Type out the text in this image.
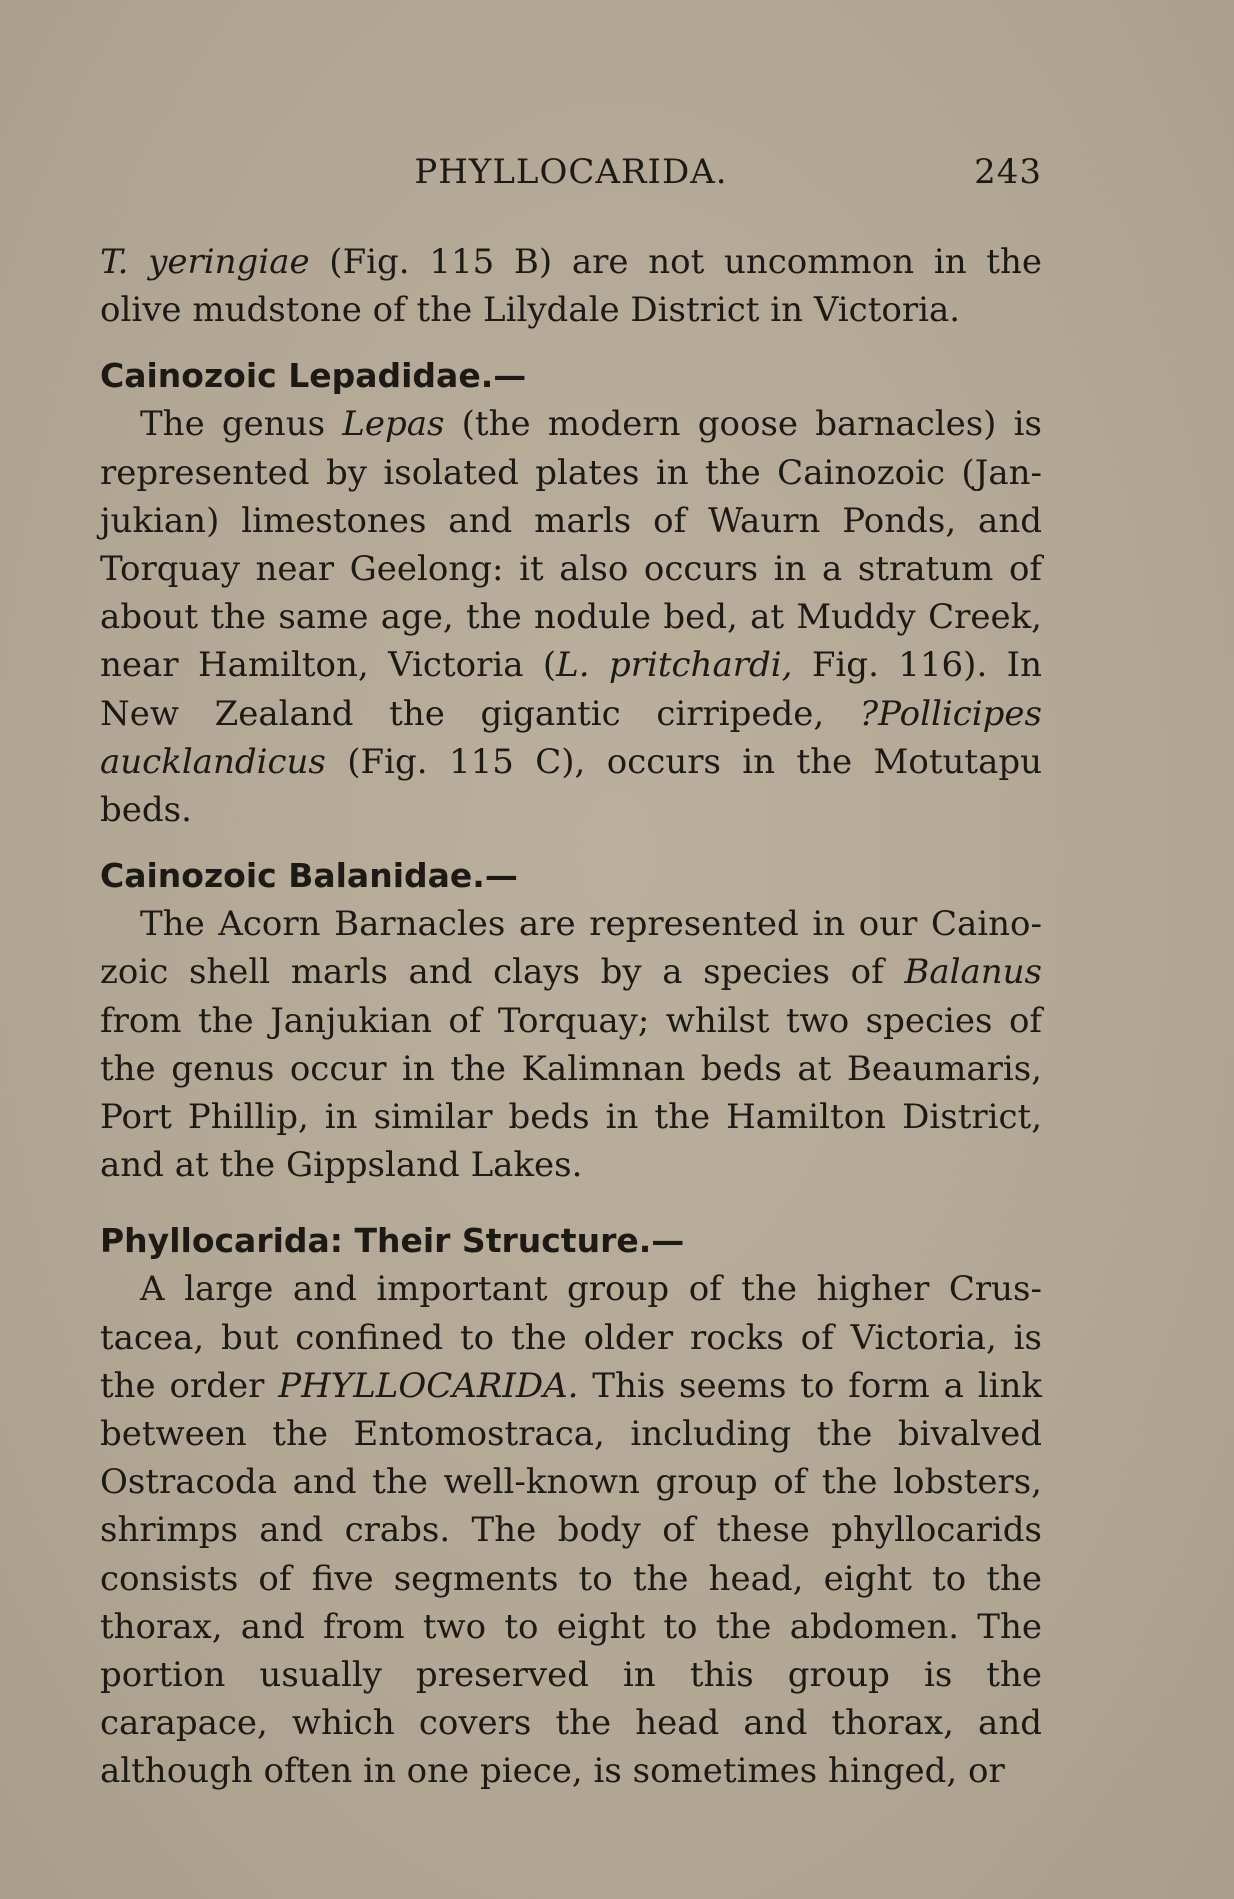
PHYLLOCARIDA.	243

T. yeringiae (Fig. 115 B) are not uncommon in the olive mudstone of the Lilydale District in Victoria.

Cainozoic Lepadidae.—

The genus Lepas (the modern goose barnacles) is represented by isolated plates in the Cainozoic (Janjukian) limestones and marls of Waurn Ponds, and Torquay near Geelong: it also occurs in a stratum of about the same age, the nodule bed, at Muddy Creek, near Hamilton, Victoria (L. pritchardi, Fig. 116). In New Zealand the gigantic cirripede, ?Pollicipes aucklandicus (Fig. 115 C), occurs in the Motutapu beds.

Cainozoic Balanidae.—

The Acorn Barnacles are represented in our Cainozoic shell marls and clays by a species of Balanus from the Janjukian of Torquay; whilst two species of the genus occur in the Kalimnan beds at Beaumaris, Port Phillip, in similar beds in the Hamilton District, and at the Gippsland Lakes.

Phyllocarida: Their Structure.—

A large and important group of the higher Crustacea, but confined to the older rocks of Victoria, is the order PHYLLOCARIDA. This seems to form a link between the Entomostraca, including the bivalved Ostracoda and the well-known group of the lobsters, shrimps and crabs. The body of these phyllocarids consists of five segments to the head, eight to the thorax, and from two to eight to the abdomen. The portion usually preserved in this group is the carapace, which covers the head and thorax, and although often in one piece, is sometimes hinged, or
